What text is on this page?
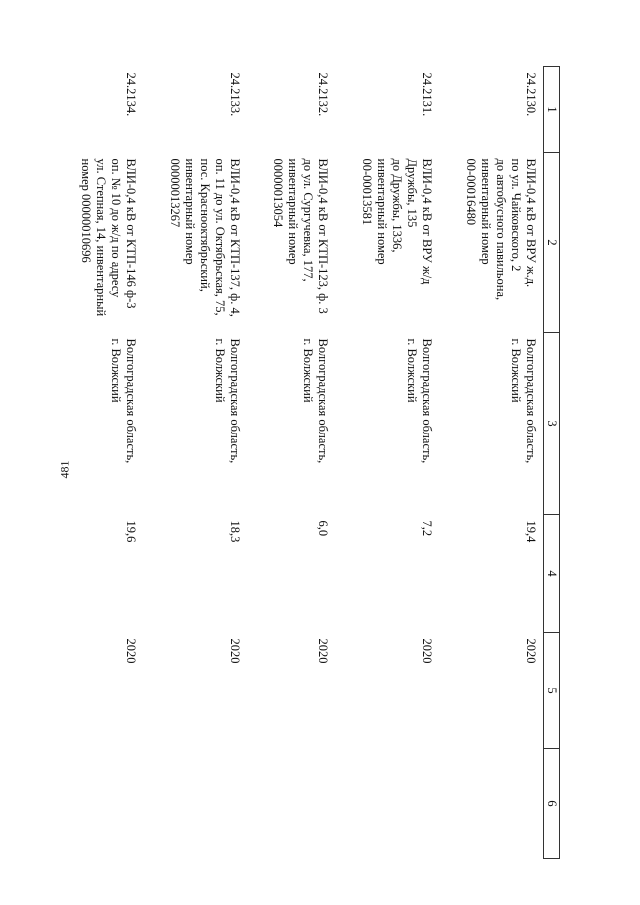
481
1	2	3	4	5	6
24.2130.	ВЛИ-0,4 кВ от ВРУ ж.д.
по ул. Чайковского, 2
до автобусного павильона,
инвентарный номер
00-00016480	Волгоградская область,
г. Волжский	19,4	2020	
24.2131.	ВЛИ-0,4 кВ от ВРУ ж/д
Дружбы, 135
до Дружбы, 1336,
инвентарный номер
00-00013581	Волгоградская область,
г. Волжский	7,2	2020	
24.2132.	ВЛИ-0,4 кВ от КТП-123, ф. 3
до ул. Сургучевка, 177,
инвентарный номер
00000013054	Волгоградская область,
г. Волжский	6,0	2020	
24.2133.	ВЛИ-0,4 кВ от КТП-137, ф. 4,
оп. 11 до ул. Октябрьская, 75,
пос. Краснооктябрьский,
инвентарный номер
00000013267	Волгоградская область,
г. Волжский	18,3	2020	
24.2134.	ВЛИ-0,4 кВ от КТП-146 ф-3
оп. № 10 до ж/д по адресу
ул. Степная, 14, инвентарный
номер 00000010696	Волгоградская область,
г. Волжский	19,6	2020	
